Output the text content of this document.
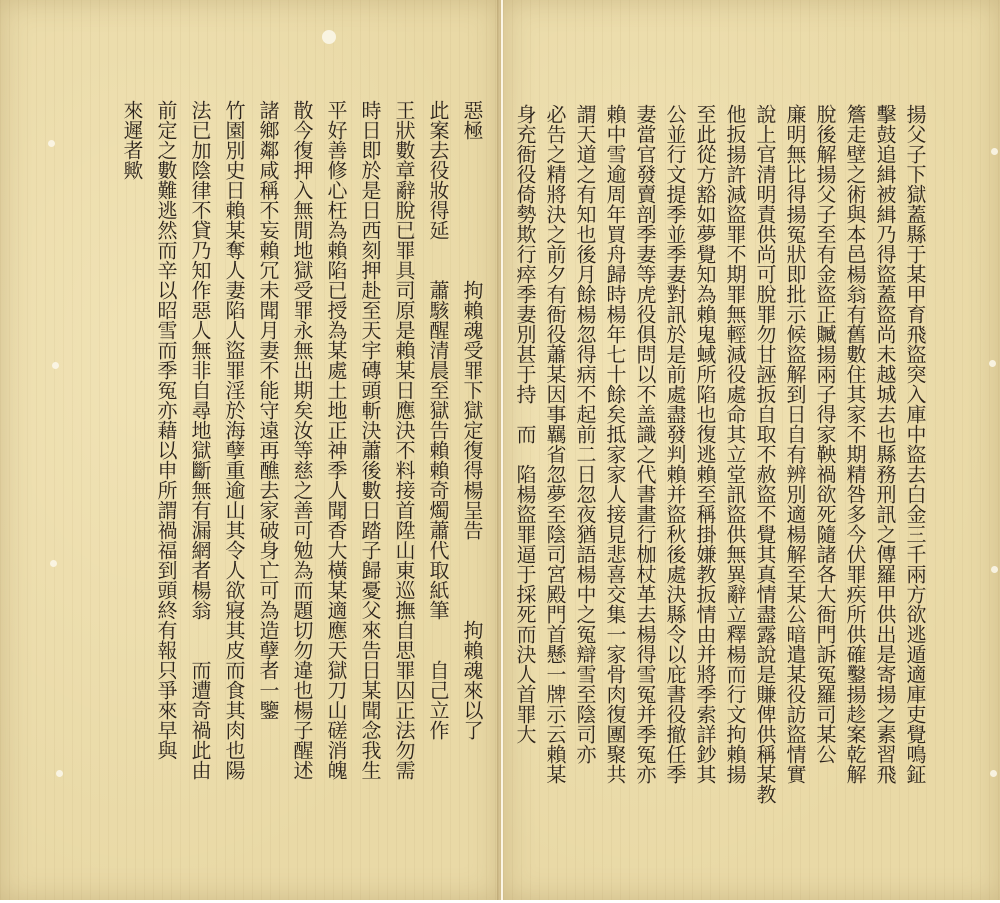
惡極　　　　　　　拘賴魂受罪下獄定復得楊呈告　　　　拘賴魂來以了
此案去役妝得延　　蕭駭醒清晨至獄告賴賴奇燭蕭代取紙筆　　自己立作
王狀數章辭脫已罪具司原是賴某日應決不料接首陞山東巡撫自思罪囚正法勿需
時日即於是日西刻押赴至天宇磚頭斬決蕭後數日踏子歸憂父來告日某聞念我生
平好善修心枉為賴陷已授為某處土地正神季人聞香大橫某適應天獄刀山磋消魄
散今復押入無閒地獄受罪永無出期矣汝等慈之善可勉為而題切勿違也楊子醒述
諸鄉鄰咸稱不妄賴冗未聞月妻不能守遠再醮去家破身亡可為造孽者一鑒
竹園別史日賴某奪人妻陷人盜罪淫於海孽重逾山其令人欲寢其皮而食其肉也陽
法已加陰律不貸乃知作惡人無非自尋地獄斷無有漏網者楊翁　　而遭奇禍此由
前定之數難逃然而辛以昭雪而季冤亦藉以申所謂禍福到頭終有報只爭來早與
來遲者歟	揚父子下獄蓋縣于某甲育飛盜突入庫中盜去白金三千兩方欲逃遁適庫吏覺鳴鉦
擊鼓追緝被緝乃得盜蓋盜尚未越城去也縣務刑訊之傳羅甲供出是寄揚之素習飛
簷走壁之術與本邑楊翁有舊數住其家不期精咎多今伏罪疾所供確鑿揚趁案乾解
脫後解揚父子至有金盜正贓揚兩子得家鞅禍欲死隨諸各大衙門訴冤羅司某公
廉明無比得揚冤狀即批示候盜解到日自有辨別適楊解至某公暗遣某役訪盜情實
說上官清明責供尚可脫罪勿甘誣扳自取不赦盜不覺其真情盡露說是賺俾供稱某教
他扳揚許減盜罪不期罪無輕減役處命其立堂訊盜供無異辭立釋楊而行文拘賴揚
至此從方豁如夢覺知為賴鬼蜮所陷也復逃賴至稱掛嫌教扳情由并將季索詳鈔其
公並行文提季並季妻對訊於是前處盡發判賴并盜秋後處決縣令以庇書役撤任季
妻當官發賣剖季妻等虎役俱問以不盖識之代書畫行枷杖革去楊得雪冤并季冤亦
賴中雪逾周年買舟歸時楊年七十餘矣抵家家人接見悲喜交集一家骨肉復團聚共
謂天道之有知也後月餘楊忽得病不起前二日忽夜猶語楊中之冤辯雪至陰司亦
必告之精將決之前夕有衙役蕭某因事羈省忽夢至陰司宮殿門首懸一牌示云賴某
身充衙役倚勢欺行瘁季妻別甚于持　而　陷楊盜罪逼于採死而決人首罪大
